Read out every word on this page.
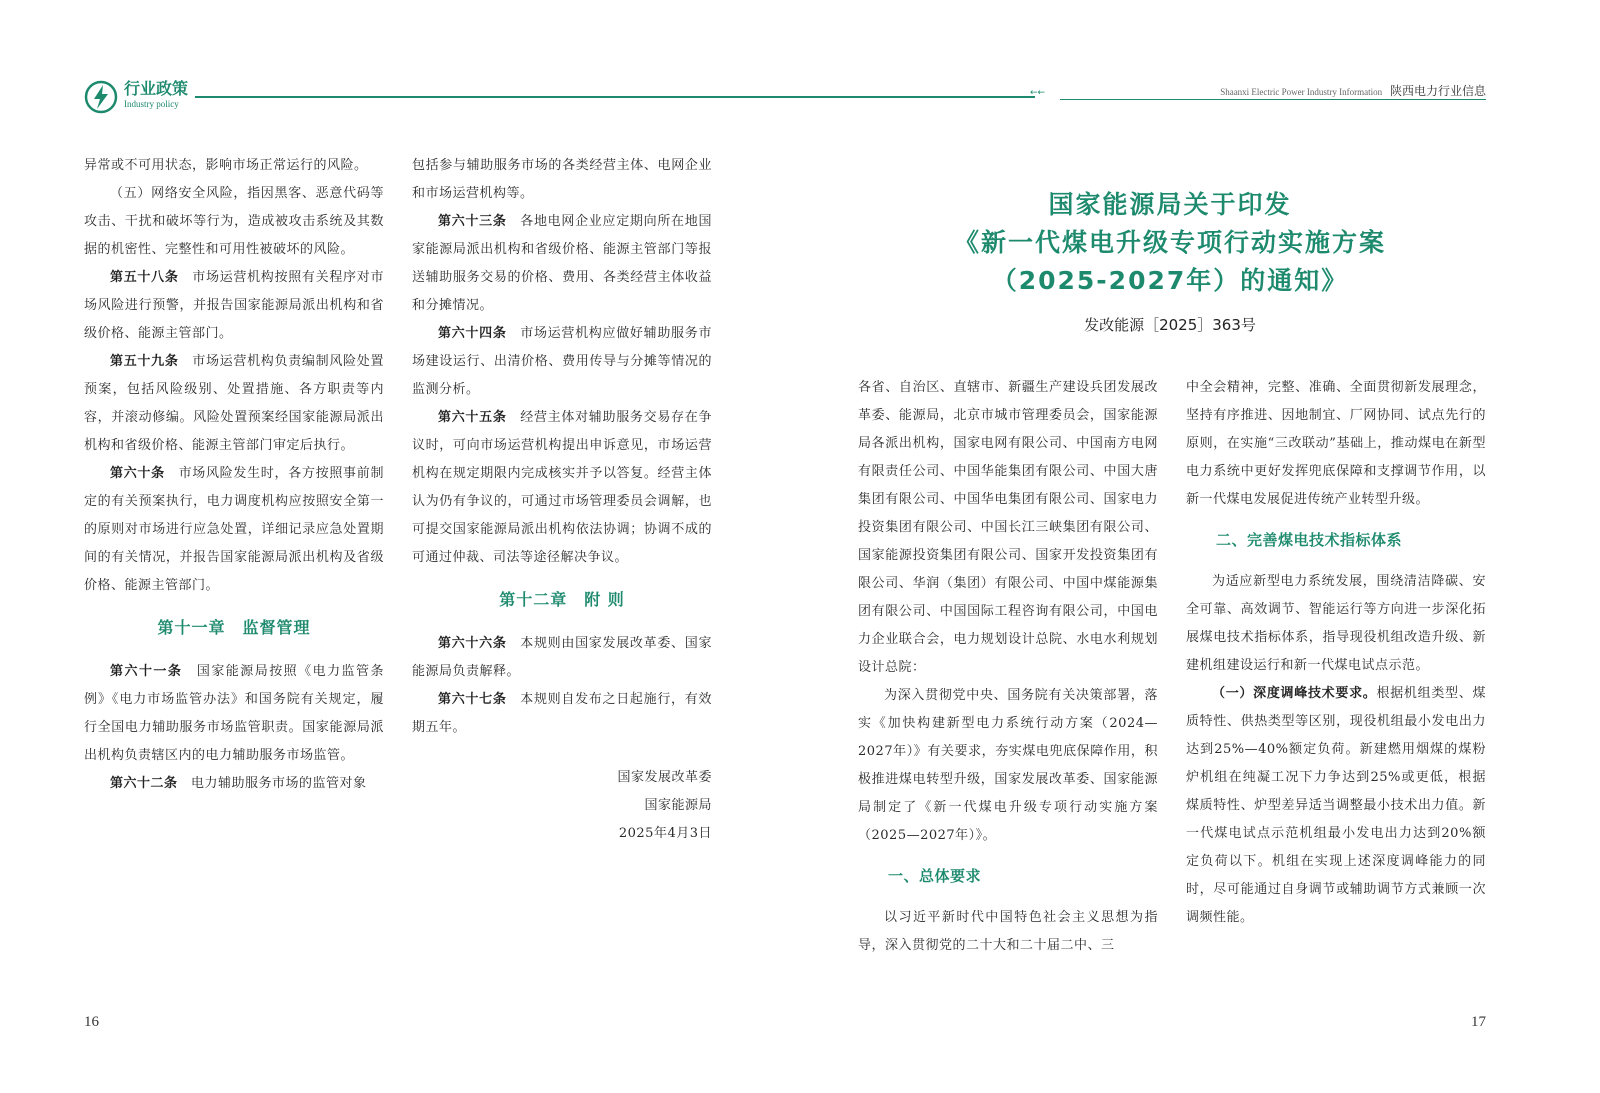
行业政策
Industry policy
←←	Shaanxi Electric Power Industry Information 陕西电力行业信息

异常或不可用状态，影响市场正常运行的风险。

（五）网络安全风险，指因黑客、恶意代码等攻击、干扰和破坏等行为，造成被攻击系统及其数据的机密性、完整性和可用性被破坏的风险。

第五十八条　 市场运营机构按照有关程序对市场风险进行预警，并报告国家能源局派出机构和省级价格、能源主管部门。

第五十九条　 市场运营机构负责编制风险处置预案，包括风险级别、处置措施、各方职责等内容，并滚动修编。风险处置预案经国家能源局派出机构和省级价格、能源主管部门审定后执行。

第六十条　 市场风险发生时，各方按照事前制定的有关预案执行，电力调度机构应按照安全第一的原则对市场进行应急处置，详细记录应急处置期间的有关情况，并报告国家能源局派出机构及省级价格、能源主管部门。

第十一章　监督管理

第六十一条　 国家能源局按照《电力监管条例》《电力市场监管办法》和国务院有关规定，履行全国电力辅助服务市场监管职责。国家能源局派出机构负责辖区内的电力辅助服务市场监管。

第六十二条　 电力辅助服务市场的监管对象

包括参与辅助服务市场的各类经营主体、电网企业和市场运营机构等。

第六十三条　 各地电网企业应定期向所在地国家能源局派出机构和省级价格、能源主管部门等报送辅助服务交易的价格、费用、各类经营主体收益和分摊情况。

第六十四条　 市场运营机构应做好辅助服务市场建设运行、出清价格、费用传导与分摊等情况的监测分析。

第六十五条　 经营主体对辅助服务交易存在争议时，可向市场运营机构提出申诉意见，市场运营机构在规定期限内完成核实并予以答复。经营主体认为仍有争议的，可通过市场管理委员会调解，也可提交国家能源局派出机构依法协调；协调不成的可通过仲裁、司法等途径解决争议。

第十二章　附 则

第六十六条　 本规则由国家发展改革委、国家能源局负责解释。

第六十七条　 本规则自发布之日起施行，有效期五年。

国家发展改革委

国家能源局

2025年4月3日

国家能源局关于印发
《新一代煤电升级专项行动实施方案
（2025-2027年）的通知》
发改能源［2025］363号

各省、自治区、直辖市、新疆生产建设兵团发展改革委、能源局，北京市城市管理委员会，国家能源局各派出机构，国家电网有限公司、中国南方电网有限责任公司、中国华能集团有限公司、中国大唐集团有限公司、中国华电集团有限公司、国家电力投资集团有限公司、中国长江三峡集团有限公司、国家能源投资集团有限公司、国家开发投资集团有限公司、华润（集团）有限公司、中国中煤能源集团有限公司、中国国际工程咨询有限公司，中国电力企业联合会，电力规划设计总院、水电水利规划设计总院：

为深入贯彻党中央、国务院有关决策部署，落实《加快构建新型电力系统行动方案（2024—2027年）》有关要求，夯实煤电兜底保障作用，积极推进煤电转型升级，国家发展改革委、国家能源局制定了《新一代煤电升级专项行动实施方案（2025—2027年）》。

一、总体要求

以习近平新时代中国特色社会主义思想为指导，深入贯彻党的二十大和二十届二中、三

中全会精神，完整、准确、全面贯彻新发展理念，坚持有序推进、因地制宜、厂网协同、试点先行的原则，在实施“三改联动”基础上，推动煤电在新型电力系统中更好发挥兜底保障和支撑调节作用，以新一代煤电发展促进传统产业转型升级。

二、完善煤电技术指标体系

为适应新型电力系统发展，围绕清洁降碳、安全可靠、高效调节、智能运行等方向进一步深化拓展煤电技术指标体系，指导现役机组改造升级、新建机组建设运行和新一代煤电试点示范。

（一）深度调峰技术要求。根据机组类型、煤质特性、供热类型等区别，现役机组最小发电出力达到25%—40%额定负荷。新建燃用烟煤的煤粉炉机组在纯凝工况下力争达到25%或更低，根据煤质特性、炉型差异适当调整最小技术出力值。新一代煤电试点示范机组最小发电出力达到20%额定负荷以下。机组在实现上述深度调峰能力的同时，尽可能通过自身调节或辅助调节方式兼顾一次调频性能。

16	17
